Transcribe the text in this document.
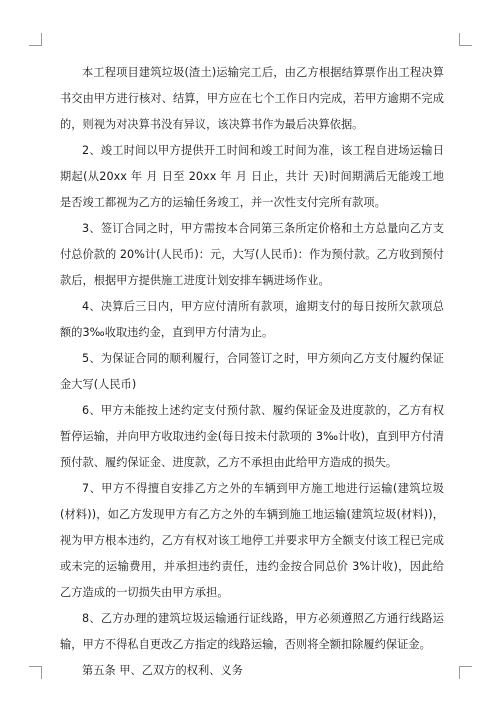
本工程项目建筑垃圾(渣土)运输完工后，由乙方根据结算票作出工程决算书交由甲方进行核对、结算，甲方应在七个工作日内完成，若甲方逾期不完成的，则视为对决算书没有异议，该决算书作为最后决算依据。

2、竣工时间以甲方提供开工时间和竣工时间为准，该工程自进场运输日期起(从20xx 年 月 日至 20xx 年 月 日止，共计 天)时间期满后无能竣工地是否竣工都视为乙方的运输任务竣工，并一次性支付完所有款项。

3、签订合同之时，甲方需按本合同第三条所定价格和土方总量向乙方支付总价款的 20%计(人民币)：元，大写(人民币)：作为预付款。乙方收到预付款后，根据甲方提供施工进度计划安排车辆进场作业。

4、决算后三日内，甲方应付清所有款项，逾期支付的每日按所欠款项总额的3‰收取违约金，直到甲方付清为止。

5、为保证合同的顺利履行，合同签订之时，甲方须向乙方支付履约保证金大写(人民币)

6、甲方未能按上述约定支付预付款、履约保证金及进度款的，乙方有权暂停运输，并向甲方收取违约金(每日按未付款项的 3‰计收)，直到甲方付清预付款、履约保证金、进度款，乙方不承担由此给甲方造成的损失。

7、甲方不得擅自安排乙方之外的车辆到甲方施工地进行运输(建筑垃圾(材料))，如乙方发现甲方有乙方之外的车辆到施工地运输(建筑垃圾(材料))，视为甲方根本违约，乙方有权对该工地停工并要求甲方全额支付该工程已完成或未完的运输费用，并承担违约责任，违约金按合同总价 3%计收)，因此给乙方造成的一切损失由甲方承担。

8、乙方办理的建筑垃圾运输通行证线路，甲方必须遵照乙方通行线路运输，甲方不得私自更改乙方指定的线路运输，否则将全额扣除履约保证金。

第五条 甲、乙双方的权利、义务
